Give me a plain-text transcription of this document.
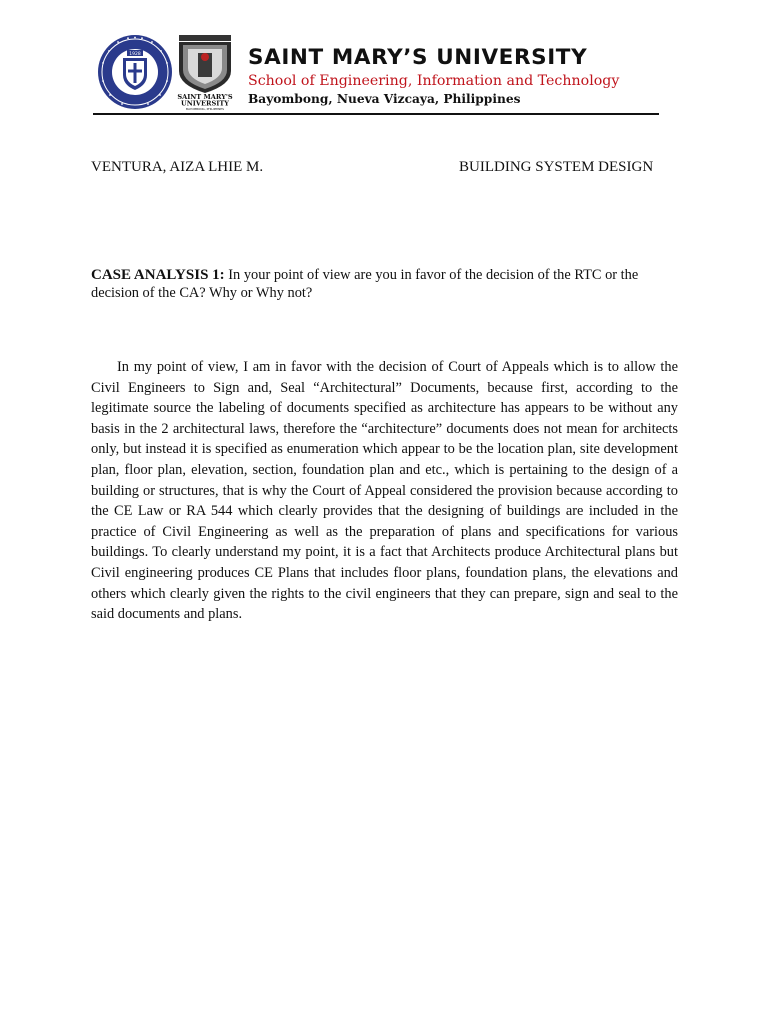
1928
SAINT MARY'S
UNIVERSITY
BAYOMBONG, PHILIPPINES
SAINT MARY’S UNIVERSITY
School of Engineering, Information and Technology
Bayombong, Nueva Vizcaya, Philippines
VENTURA, AIZA LHIE M.	BUILDING SYSTEM DESIGN
CASE ANALYSIS 1: In your point of view are you in favor of the decision of the RTC or the decision of the CA? Why or Why not?

In my point of view, I am in favor with the decision of Court of Appeals which is to allow the Civil Engineers to Sign and, Seal “Architectural” Documents, because first, according to the legitimate source the labeling of documents specified as architecture has appears to be without any basis in the 2 architectural laws, therefore the “architecture” documents does not mean for architects only, but instead it is specified as enumeration which appear to be the location plan, site development plan, floor plan, elevation, section, foundation plan and etc., which is pertaining to the design of a building or structures, that is why the Court of Appeal considered the provision because according to the CE Law or RA 544 which clearly provides that the designing of buildings are included in the practice of Civil Engineering as well as the preparation of plans and specifications for various buildings. To clearly understand my point, it is a fact that Architects produce Architectural plans but Civil engineering produces CE Plans that includes floor plans, foundation plans, the elevations and others which clearly given the rights to the civil engineers that they can prepare, sign and seal to the said documents and plans.
